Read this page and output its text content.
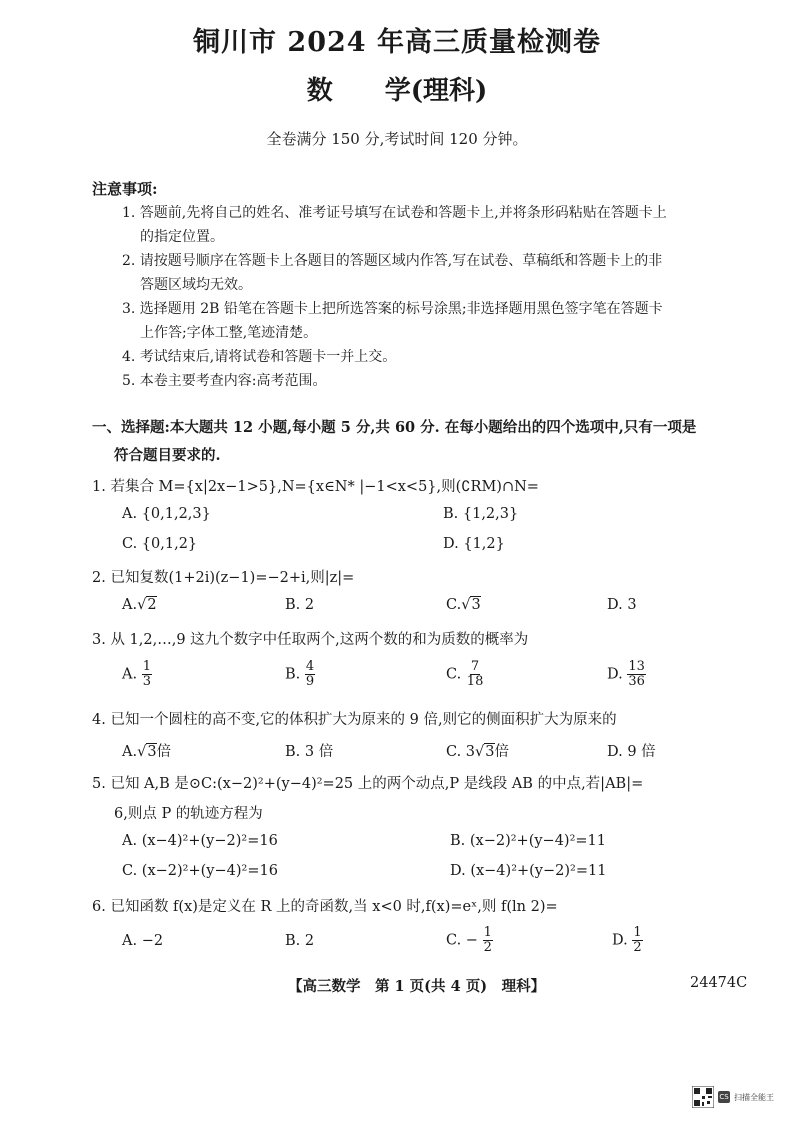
铜川市 2024 年高三质量检测卷
数　　学(理科)
全卷满分 150 分,考试时间 120 分钟。
注意事项:
1. 答题前,先将自己的姓名、准考证号填写在试卷和答题卡上,并将条形码粘贴在答题卡上
的指定位置。
2. 请按题号顺序在答题卡上各题目的答题区域内作答,写在试卷、草稿纸和答题卡上的非
答题区域均无效。
3. 选择题用 2B 铅笔在答题卡上把所选答案的标号涂黑;非选择题用黑色签字笔在答题卡
上作答;字体工整,笔迹清楚。
4. 考试结束后,请将试卷和答题卡一并上交。
5. 本卷主要考查内容:高考范围。
一、选择题:本大题共 12 小题,每小题 5 分,共 60 分. 在每小题给出的四个选项中,只有一项是
符合题目要求的.
1. 若集合 M={x|2x−1>5},N={x∈N* |−1<x<5},则(∁RM)∩N=
A. {0,1,2,3}	B. {1,2,3}
C. {0,1,2}	D. {1,2}
2. 已知复数(1+2i)(z−1)=−2+i,则|z|=
A.√2	B. 2	C.√3	D. 3
3. 从 1,2,…,9 这九个数字中任取两个,这两个数的和为质数的概率为
A. $\frac{1}{3}$	B. $\frac{4}{9}$	C. $\frac{7}{18}$	D. $\frac{13}{36}$
4. 已知一个圆柱的高不变,它的体积扩大为原来的 9 倍,则它的侧面积扩大为原来的
A.√3倍	B. 3 倍	C. 3√3倍	D. 9 倍
5. 已知 A,B 是⊙C:(x−2)²+(y−4)²=25 上的两个动点,P 是线段 AB 的中点,若|AB|=
6,则点 P 的轨迹方程为
A. (x−4)²+(y−2)²=16	B. (x−2)²+(y−4)²=11
C. (x−2)²+(y−4)²=16	D. (x−4)²+(y−2)²=11
6. 已知函数 f(x)是定义在 R 上的奇函数,当 x<0 时,f(x)=eˣ,则 f(ln 2)=
A. −2	B. 2	C. − $\frac{1}{2}$	D. $\frac{1}{2}$
【高三数学　第 1 页(共 4 页)　理科】	24474C
CS 扫描全能王
